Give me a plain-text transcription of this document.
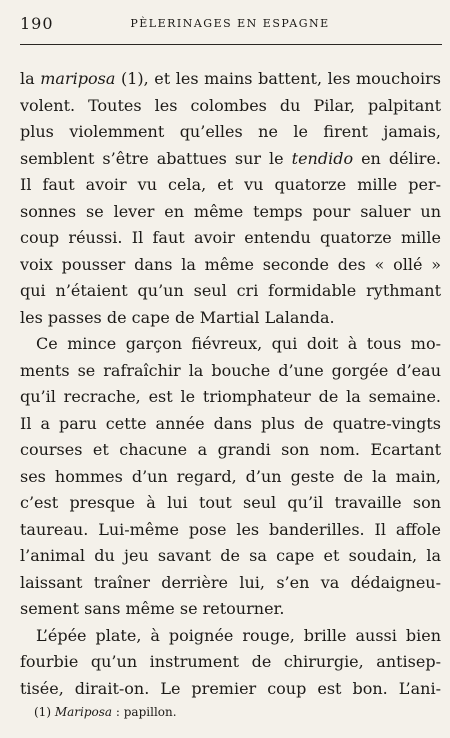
190	PÈLERINAGES EN ESPAGNE
la mariposa (1), et les mains battent, les mouchoirs
volent. Toutes les colombes du Pilar, palpitant
plus violemment qu’elles ne le firent jamais,
semblent s’être abattues sur le tendido en délire.
Il faut avoir vu cela, et vu quatorze mille per-
sonnes se lever en même temps pour saluer un
coup réussi. Il faut avoir entendu quatorze mille
voix pousser dans la même seconde des « ollé »
qui n’étaient qu’un seul cri formidable rythmant
les passes de cape de Martial Lalanda.
Ce mince garçon fiévreux, qui doit à tous mo-
ments se rafraîchir la bouche d’une gorgée d’eau
qu’il recrache, est le triomphateur de la semaine.
Il a paru cette année dans plus de quatre-vingts
courses et chacune a grandi son nom. Ecartant
ses hommes d’un regard, d’un geste de la main,
c’est presque à lui tout seul qu’il travaille son
taureau. Lui-même pose les banderilles. Il affole
l’animal du jeu savant de sa cape et soudain, la
laissant traîner derrière lui, s’en va dédaigneu-
sement sans même se retourner.
L’épée plate, à poignée rouge, brille aussi bien
fourbie qu’un instrument de chirurgie, antisep-
tisée, dirait-on. Le premier coup est bon. L’ani-
(1) Mariposa : papillon.
